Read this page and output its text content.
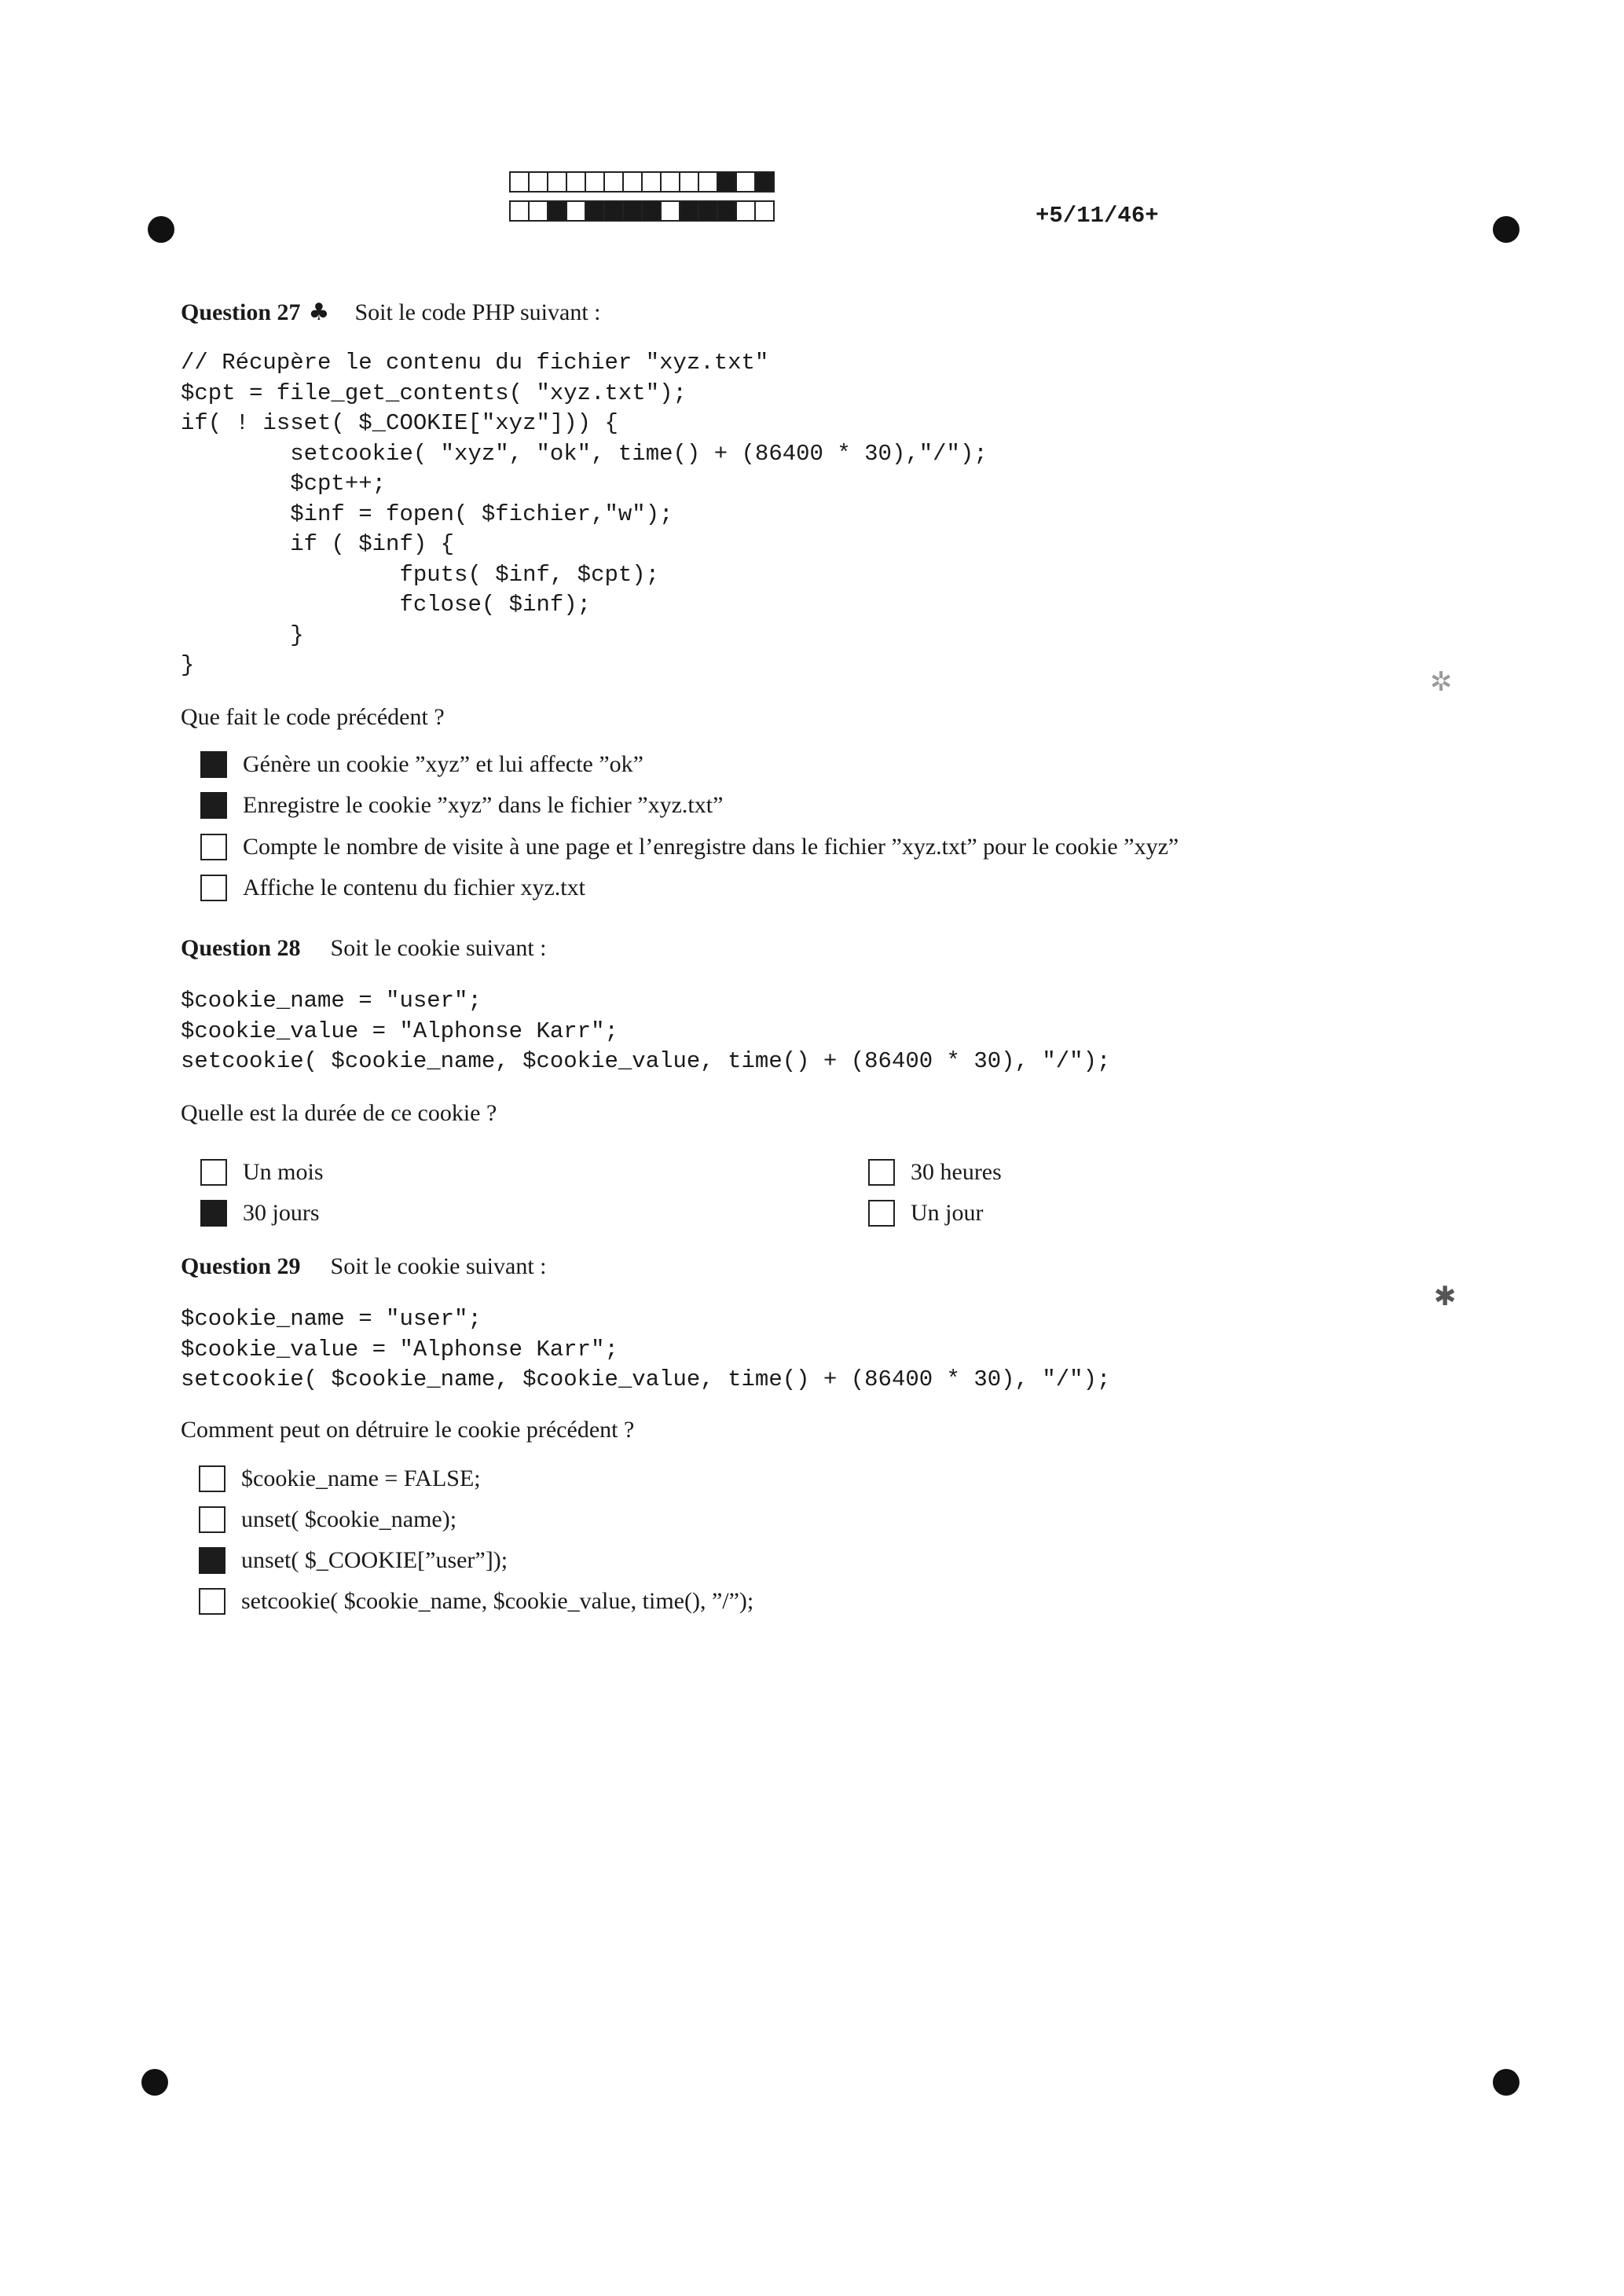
+5/11/46+
✲
✱
Question 27 ♣ Soit le code PHP suivant :
// Récupère le contenu du fichier "xyz.txt"
$cpt = file_get_contents( "xyz.txt");
if( ! isset( $_COOKIE["xyz"])) {
setcookie( "xyz", "ok", time() + (86400 * 30),"/");
$cpt++;
$inf = fopen( $fichier,"w");
if ( $inf) {
fputs( $inf, $cpt);
fclose( $inf);
}
}
Que fait le code précédent ?
Génère un cookie ”xyz” et lui affecte ”ok”
Enregistre le cookie ”xyz” dans le fichier ”xyz.txt”
Compte le nombre de visite à une page et l’enregistre dans le fichier ”xyz.txt” pour le cookie ”xyz”
Affiche le contenu du fichier xyz.txt
Question 28 Soit le cookie suivant :
$cookie_name = "user";
$cookie_value = "Alphonse Karr";
setcookie( $cookie_name, $cookie_value, time() + (86400 * 30), "/");
Quelle est la durée de ce cookie ?
Un mois	30 heures
30 jours	Un jour
Question 29 Soit le cookie suivant :
$cookie_name = "user";
$cookie_value = "Alphonse Karr";
setcookie( $cookie_name, $cookie_value, time() + (86400 * 30), "/");
Comment peut on détruire le cookie précédent ?
$cookie_name = FALSE;
unset( $cookie_name);
unset( $_COOKIE[”user”]);
setcookie( $cookie_name, $cookie_value, time(), ”/”);
